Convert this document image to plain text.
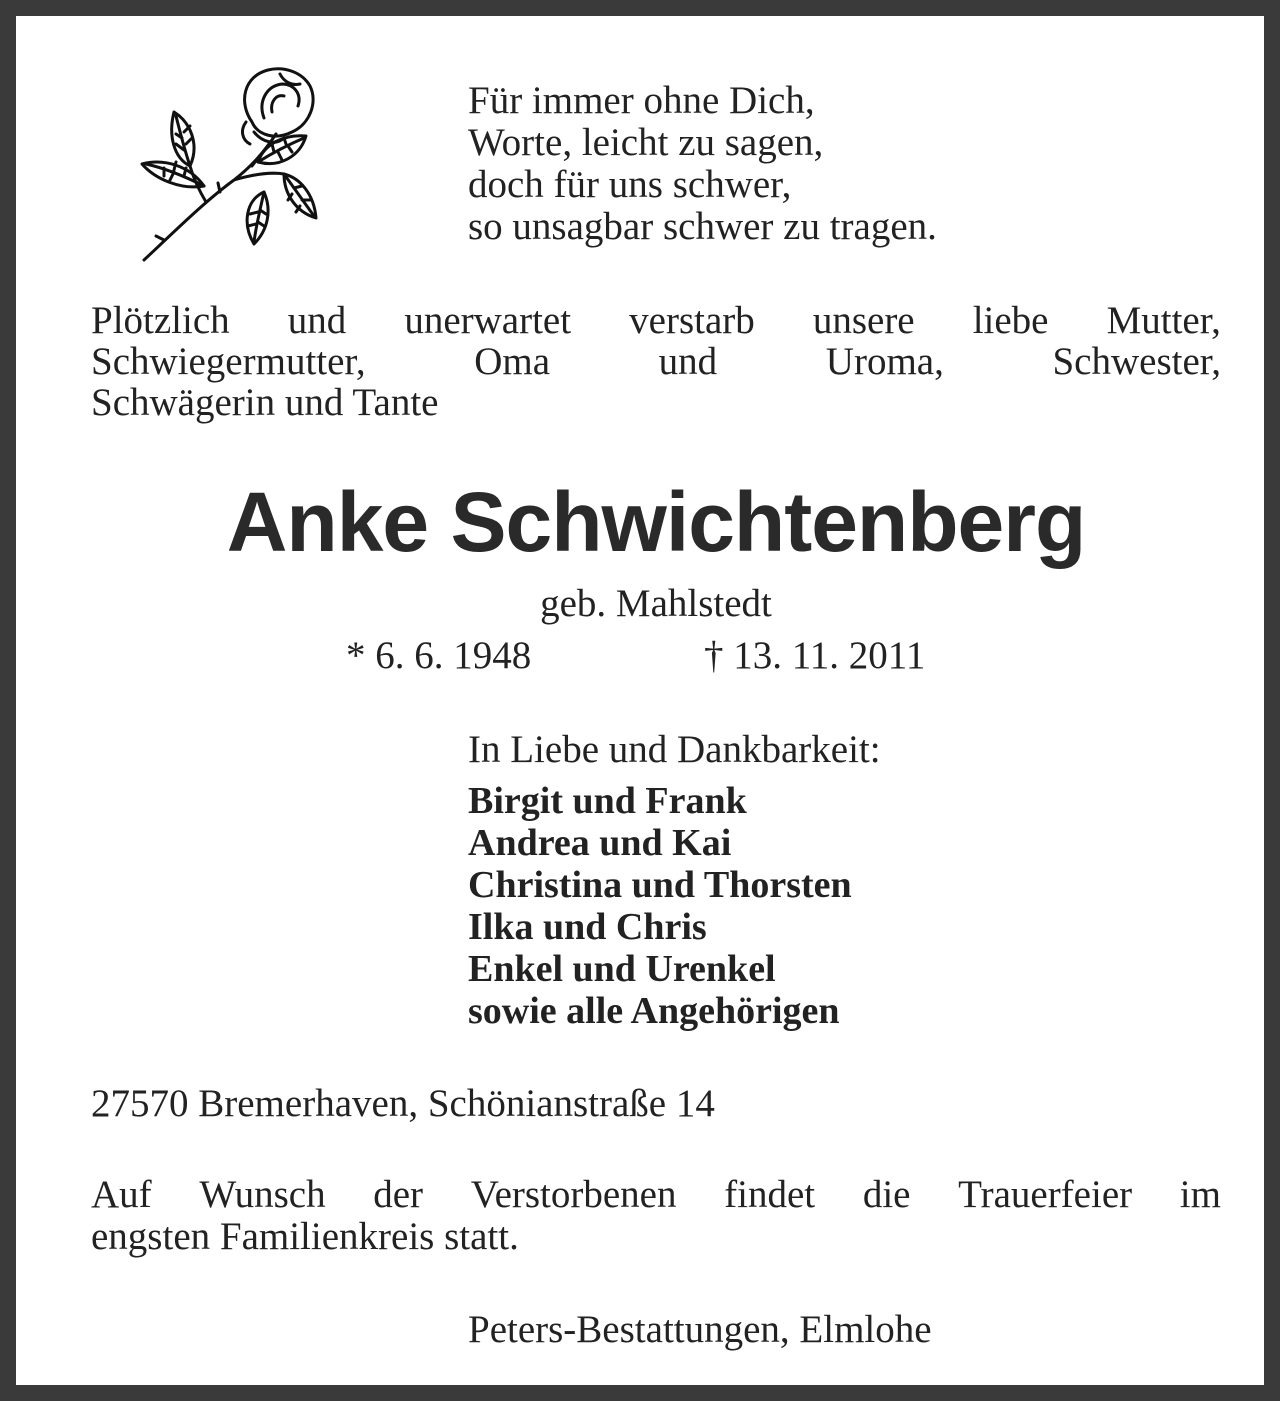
Für immer ohne Dich,
Worte, leicht zu sagen,
doch für uns schwer,
so unsagbar schwer zu tragen.
Plötzlich und unerwartet verstarb unsere liebe Mutter,
Schwiegermutter,	Oma	und	Uroma,	Schwester,
Schwägerin und Tante
Anke Schwichtenberg
geb. Mahlstedt
* 6. 6. 1948	† 13. 11. 2011
In Liebe und Dankbarkeit:
Birgit und Frank
Andrea und Kai
Christina und Thorsten
Ilka und Chris
Enkel und Urenkel
sowie alle Angehörigen
27570 Bremerhaven, Schönianstraße 14
Auf Wunsch der Verstorbenen findet die Trauerfeier im
engsten Familienkreis statt.
Peters-Bestattungen, Elmlohe
